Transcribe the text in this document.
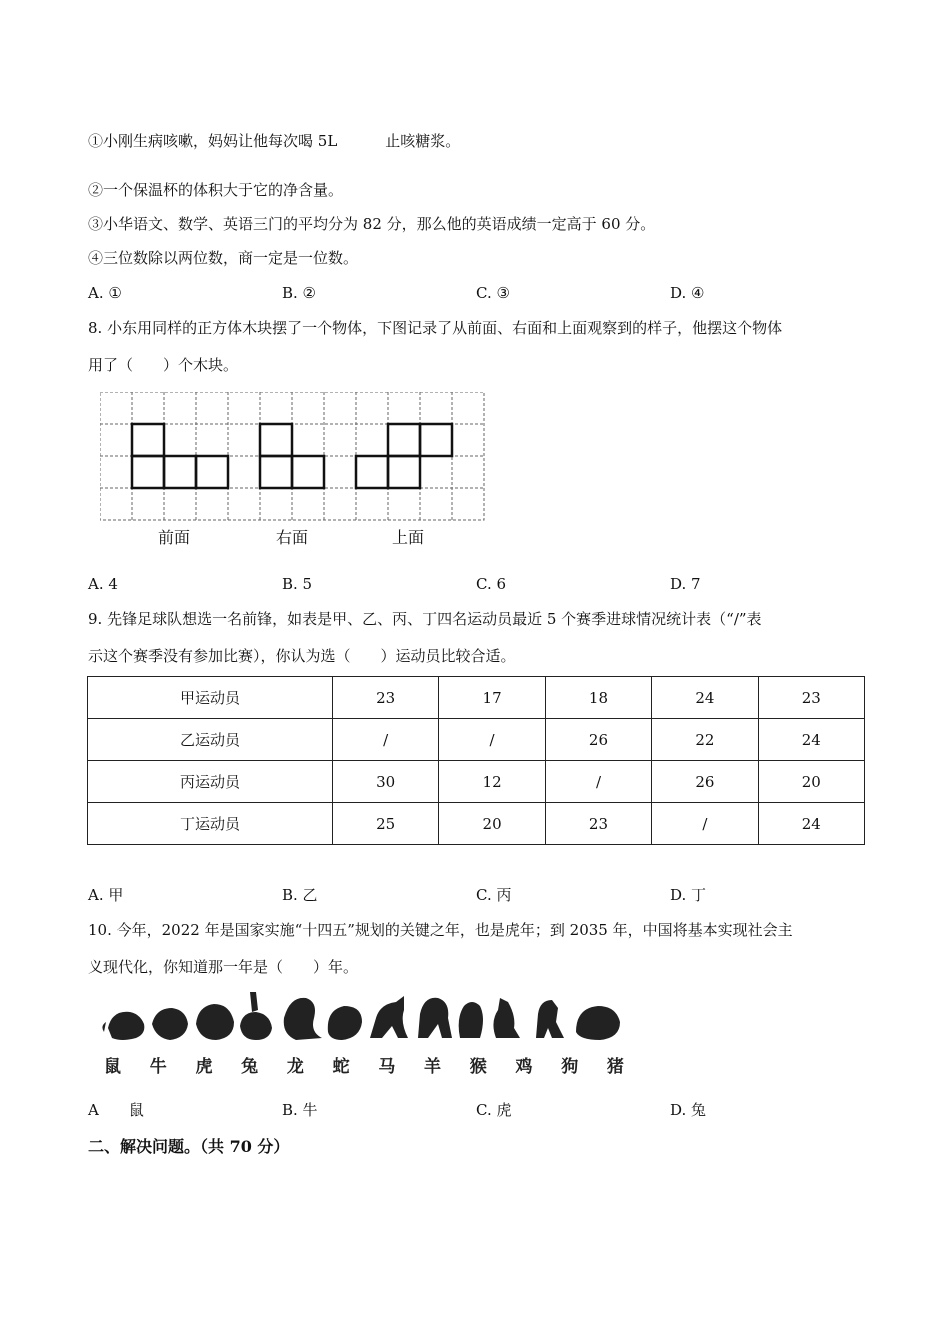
①小刚生病咳嗽，妈妈让他每次喝 5L	止咳糖浆。
②一个保温杯的体积大于它的净含量。
③小华语文、数学、英语三门的平均分为 82 分，那么他的英语成绩一定高于 60 分。
④三位数除以两位数，商一定是一位数。
A. ①	B. ②	C. ③	D. ④
8. 小东用同样的正方体木块摆了一个物体，下图记录了从前面、右面和上面观察到的样子，他摆这个物体
用了（　　）个木块。
前面	右面	上面
A. 4	B. 5	C. 6	D. 7
9. 先锋足球队想选一名前锋，如表是甲、乙、丙、丁四名运动员最近 5 个赛季进球情况统计表（“/”表
示这个赛季没有参加比赛），你认为选（　　）运动员比较合适。
甲运动员	23	17	18	24	23
乙运动员	/	/	26	22	24
丙运动员	30	12	/	26	20
丁运动员	25	20	23	/	24
A. 甲	B. 乙	C. 丙	D. 丁
10. 今年，2022 年是国家实施“十四五”规划的关键之年，也是虎年；到 2035 年，中国将基本实现社会主
义现代化，你知道那一年是（　　）年。
鼠 牛 虎 兔 龙 蛇 马 羊 猴 鸡 狗 猪
A　　鼠	B. 牛	C. 虎	D. 兔
二、解决问题。（共 70 分）
